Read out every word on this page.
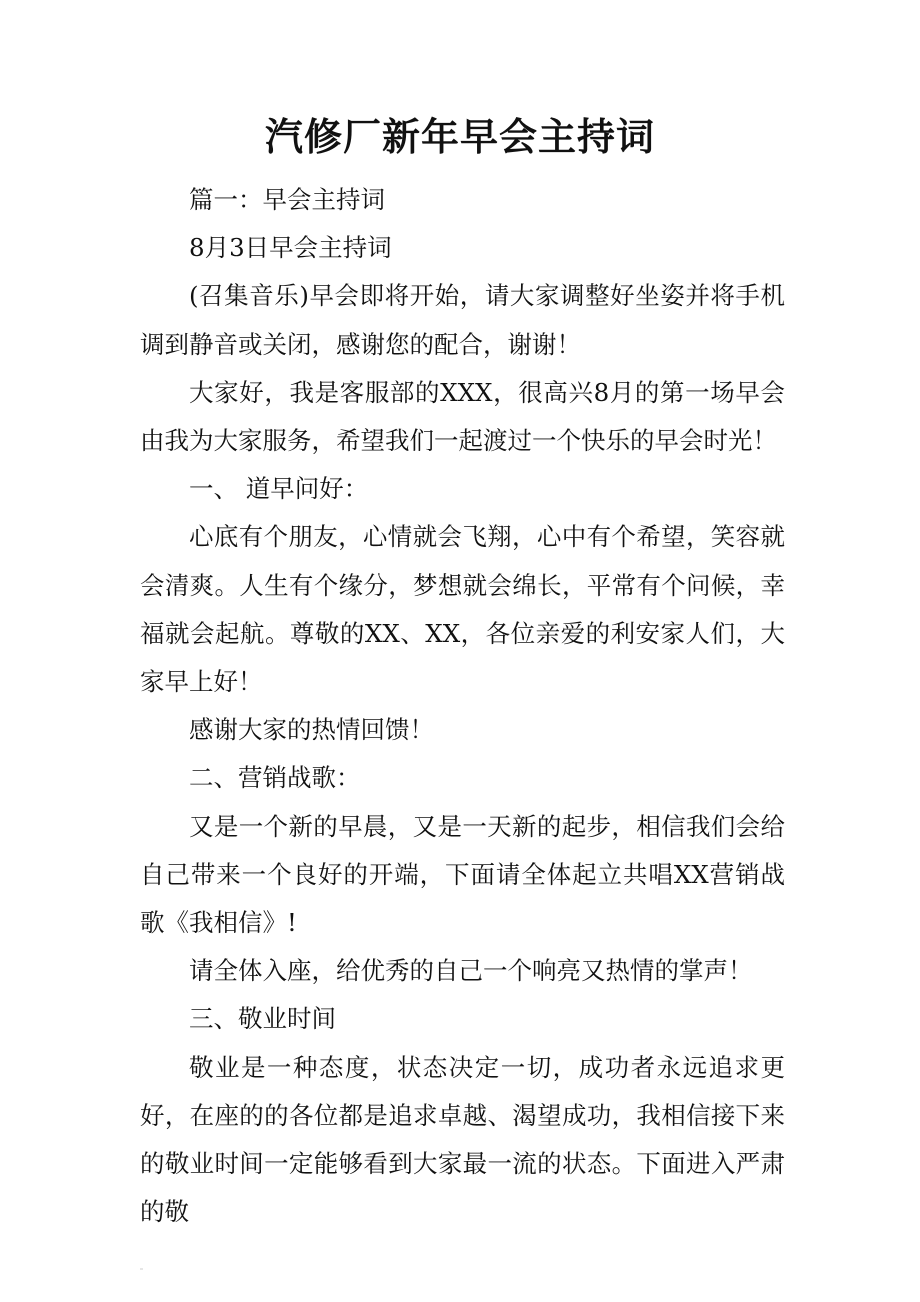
汽修厂新年早会主持词

篇一：早会主持词

8月3日早会主持词

(召集音乐)早会即将开始，请大家调整好坐姿并将手机调到静音或关闭，感谢您的配合，谢谢！

大家好，我是客服部的XXX，很高兴8月的第一场早会由我为大家服务，希望我们一起渡过一个快乐的早会时光！

一、 道早问好：

心底有个朋友，心情就会飞翔，心中有个希望，笑容就会清爽。人生有个缘分，梦想就会绵长，平常有个问候，幸福就会起航。尊敬的XX、XX，各位亲爱的利安家人们，大家早上好！

感谢大家的热情回馈！

二、营销战歌：

又是一个新的早晨，又是一天新的起步，相信我们会给自己带来一个良好的开端，下面请全体起立共唱XX营销战歌《我相信》!

请全体入座，给优秀的自己一个响亮又热情的掌声！

三、敬业时间

敬业是一种态度，状态决定一切，成功者永远追求更好，在座的的各位都是追求卓越、渴望成功，我相信接下来的敬业时间一定能够看到大家最一流的状态。下面进入严肃的敬
